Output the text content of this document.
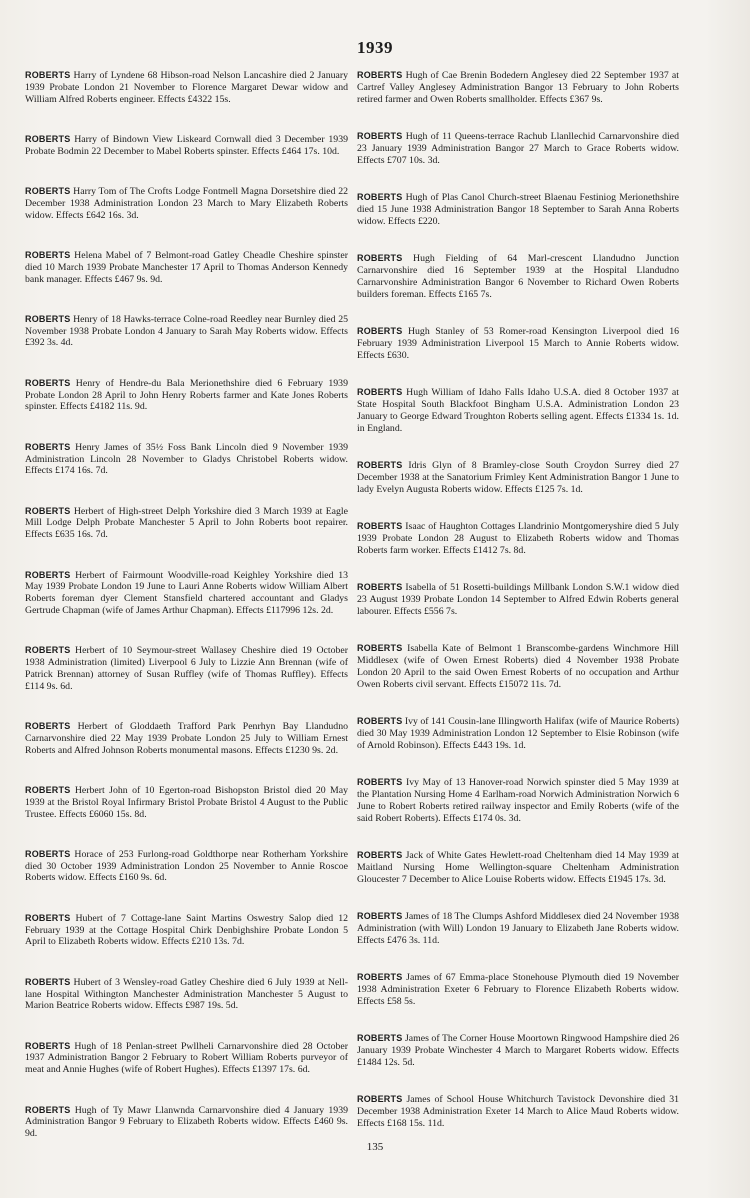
1939

ROBERTS Harry of Lyndene 68 Hibson-road Nelson Lancashire died 2 January 1939 Probate London 21 November to Florence Margaret Dewar widow and William Alfred Roberts engineer. Effects £4322 15s.

ROBERTS Harry of Bindown View Liskeard Cornwall died 3 December 1939 Probate Bodmin 22 December to Mabel Roberts spinster. Effects £464 17s. 10d.

ROBERTS Harry Tom of The Crofts Lodge Fontmell Magna Dorsetshire died 22 December 1938 Administration London 23 March to Mary Elizabeth Roberts widow. Effects £642 16s. 3d.

ROBERTS Helena Mabel of 7 Belmont-road Gatley Cheadle Cheshire spinster died 10 March 1939 Probate Manchester 17 April to Thomas Anderson Kennedy bank manager. Effects £467 9s. 9d.

ROBERTS Henry of 18 Hawks-terrace Colne-road Reedley near Burnley died 25 November 1938 Probate London 4 January to Sarah May Roberts widow. Effects £392 3s. 4d.

ROBERTS Henry of Hendre-du Bala Merionethshire died 6 February 1939 Probate London 28 April to John Henry Roberts farmer and Kate Jones Roberts spinster. Effects £4182 11s. 9d.

ROBERTS Henry James of 35½ Foss Bank Lincoln died 9 November 1939 Administration Lincoln 28 November to Gladys Christobel Roberts widow. Effects £174 16s. 7d.

ROBERTS Herbert of High-street Delph Yorkshire died 3 March 1939 at Eagle Mill Lodge Delph Probate Manchester 5 April to John Roberts boot repairer. Effects £635 16s. 7d.

ROBERTS Herbert of Fairmount Woodville-road Keighley Yorkshire died 13 May 1939 Probate London 19 June to Lauri Anne Roberts widow William Albert Roberts foreman dyer Clement Stansfield chartered accountant and Gladys Gertrude Chapman (wife of James Arthur Chapman). Effects £117996 12s. 2d.

ROBERTS Herbert of 10 Seymour-street Wallasey Cheshire died 19 October 1938 Administration (limited) Liverpool 6 July to Lizzie Ann Brennan (wife of Patrick Brennan) attorney of Susan Ruffley (wife of Thomas Ruffley). Effects £114 9s. 6d.

ROBERTS Herbert of Gloddaeth Trafford Park Penrhyn Bay Llandudno Carnarvonshire died 22 May 1939 Probate London 25 July to William Ernest Roberts and Alfred Johnson Roberts monumental masons. Effects £1230 9s. 2d.

ROBERTS Herbert John of 10 Egerton-road Bishopston Bristol died 20 May 1939 at the Bristol Royal Infirmary Bristol Probate Bristol 4 August to the Public Trustee. Effects £6060 15s. 8d.

ROBERTS Horace of 253 Furlong-road Goldthorpe near Rotherham Yorkshire died 30 October 1939 Administration London 25 November to Annie Roscoe Roberts widow. Effects £160 9s. 6d.

ROBERTS Hubert of 7 Cottage-lane Saint Martins Oswestry Salop died 12 February 1939 at the Cottage Hospital Chirk Denbighshire Probate London 5 April to Elizabeth Roberts widow. Effects £210 13s. 7d.

ROBERTS Hubert of 3 Wensley-road Gatley Cheshire died 6 July 1939 at Nell-lane Hospital Withington Manchester Administration Manchester 5 August to Marion Beatrice Roberts widow. Effects £987 19s. 5d.

ROBERTS Hugh of 18 Penlan-street Pwllheli Carnarvonshire died 28 October 1937 Administration Bangor 2 February to Robert William Roberts purveyor of meat and Annie Hughes (wife of Robert Hughes). Effects £1397 17s. 6d.

ROBERTS Hugh of Ty Mawr Llanwnda Carnarvonshire died 4 January 1939 Administration Bangor 9 February to Elizabeth Roberts widow. Effects £460 9s. 9d.

ROBERTS Hugh of Cae Brenin Bodedern Anglesey died 22 September 1937 at Cartref Valley Anglesey Administration Bangor 13 February to John Roberts retired farmer and Owen Roberts smallholder. Effects £367 9s.

ROBERTS Hugh of 11 Queens-terrace Rachub Llanllechid Carnarvonshire died 23 January 1939 Administration Bangor 27 March to Grace Roberts widow. Effects £707 10s. 3d.

ROBERTS Hugh of Plas Canol Church-street Blaenau Festiniog Merionethshire died 15 June 1938 Administration Bangor 18 September to Sarah Anna Roberts widow. Effects £220.

ROBERTS Hugh Fielding of 64 Marl-crescent Llandudno Junction Carnarvonshire died 16 September 1939 at the Hospital Llandudno Carnarvonshire Administration Bangor 6 November to Richard Owen Roberts builders foreman. Effects £165 7s.

ROBERTS Hugh Stanley of 53 Romer-road Kensington Liverpool died 16 February 1939 Administration Liverpool 15 March to Annie Roberts widow. Effects £630.

ROBERTS Hugh William of Idaho Falls Idaho U.S.A. died 8 October 1937 at State Hospital South Blackfoot Bingham U.S.A. Administration London 23 January to George Edward Troughton Roberts selling agent. Effects £1334 1s. 1d. in England.

ROBERTS Idris Glyn of 8 Bramley-close South Croydon Surrey died 27 December 1938 at the Sanatorium Frimley Kent Administration Bangor 1 June to lady Evelyn Augusta Roberts widow. Effects £125 7s. 1d.

ROBERTS Isaac of Haughton Cottages Llandrinio Montgomeryshire died 5 July 1939 Probate London 28 August to Elizabeth Roberts widow and Thomas Roberts farm worker. Effects £1412 7s. 8d.

ROBERTS Isabella of 51 Rosetti-buildings Millbank London S.W.1 widow died 23 August 1939 Probate London 14 September to Alfred Edwin Roberts general labourer. Effects £556 7s.

ROBERTS Isabella Kate of Belmont 1 Branscombe-gardens Winchmore Hill Middlesex (wife of Owen Ernest Roberts) died 4 November 1938 Probate London 20 April to the said Owen Ernest Roberts of no occupation and Arthur Owen Roberts civil servant. Effects £15072 11s. 7d.

ROBERTS Ivy of 141 Cousin-lane Illingworth Halifax (wife of Maurice Roberts) died 30 May 1939 Administration London 12 September to Elsie Robinson (wife of Arnold Robinson). Effects £443 19s. 1d.

ROBERTS Ivy May of 13 Hanover-road Norwich spinster died 5 May 1939 at the Plantation Nursing Home 4 Earlham-road Norwich Administration Norwich 6 June to Robert Roberts retired railway inspector and Emily Roberts (wife of the said Robert Roberts). Effects £174 0s. 3d.

ROBERTS Jack of White Gates Hewlett-road Cheltenham died 14 May 1939 at Maitland Nursing Home Wellington-square Cheltenham Administration Gloucester 7 December to Alice Louise Roberts widow. Effects £1945 17s. 3d.

ROBERTS James of 18 The Clumps Ashford Middlesex died 24 November 1938 Administration (with Will) London 19 January to Elizabeth Jane Roberts widow. Effects £476 3s. 11d.

ROBERTS James of 67 Emma-place Stonehouse Plymouth died 19 November 1938 Administration Exeter 6 February to Florence Elizabeth Roberts widow. Effects £58 5s.

ROBERTS James of The Corner House Moortown Ringwood Hampshire died 26 January 1939 Probate Winchester 4 March to Margaret Roberts widow. Effects £1484 12s. 5d.

ROBERTS James of School House Whitchurch Tavistock Devonshire died 31 December 1938 Administration Exeter 14 March to Alice Maud Roberts widow. Effects £168 15s. 11d.

135
